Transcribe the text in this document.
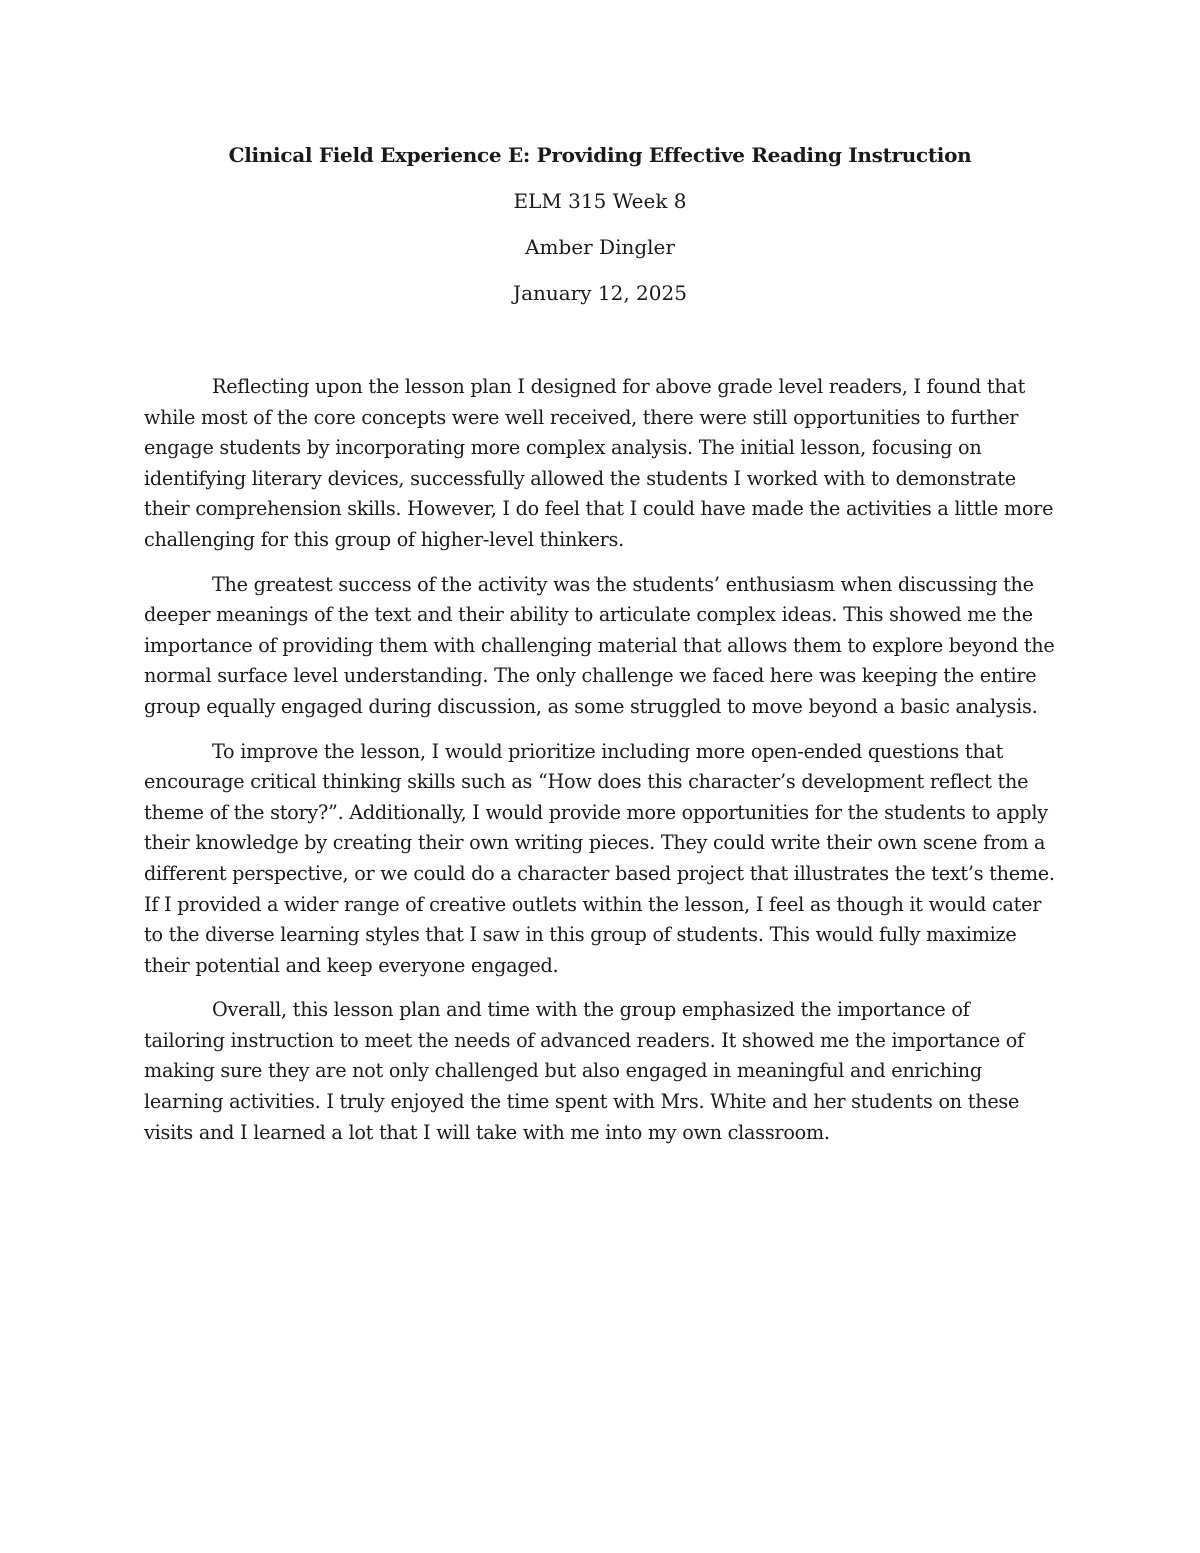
Clinical Field Experience E: Providing Effective Reading Instruction
ELM 315 Week 8
Amber Dingler
January 12, 2025

Reflecting upon the lesson plan I designed for above grade level readers, I found that while most of the core concepts were well received, there were still opportunities to further engage students by incorporating more complex analysis. The initial lesson, focusing on identifying literary devices, successfully allowed the students I worked with to demonstrate their comprehension skills. However, I do feel that I could have made the activities a little more challenging for this group of higher-level thinkers.

The greatest success of the activity was the students’ enthusiasm when discussing the deeper meanings of the text and their ability to articulate complex ideas. This showed me the importance of providing them with challenging material that allows them to explore beyond the normal surface level understanding. The only challenge we faced here was keeping the entire group equally engaged during discussion, as some struggled to move beyond a basic analysis.

To improve the lesson, I would prioritize including more open-ended questions that encourage critical thinking skills such as “How does this character’s development reflect the theme of the story?”. Additionally, I would provide more opportunities for the students to apply their knowledge by creating their own writing pieces. They could write their own scene from a different perspective, or we could do a character based project that illustrates the text’s theme. If I provided a wider range of creative outlets within the lesson, I feel as though it would cater to the diverse learning styles that I saw in this group of students. This would fully maximize their potential and keep everyone engaged.

Overall, this lesson plan and time with the group emphasized the importance of tailoring instruction to meet the needs of advanced readers. It showed me the importance of making sure they are not only challenged but also engaged in meaningful and enriching learning activities. I truly enjoyed the time spent with Mrs. White and her students on these visits and I learned a lot that I will take with me into my own classroom.
